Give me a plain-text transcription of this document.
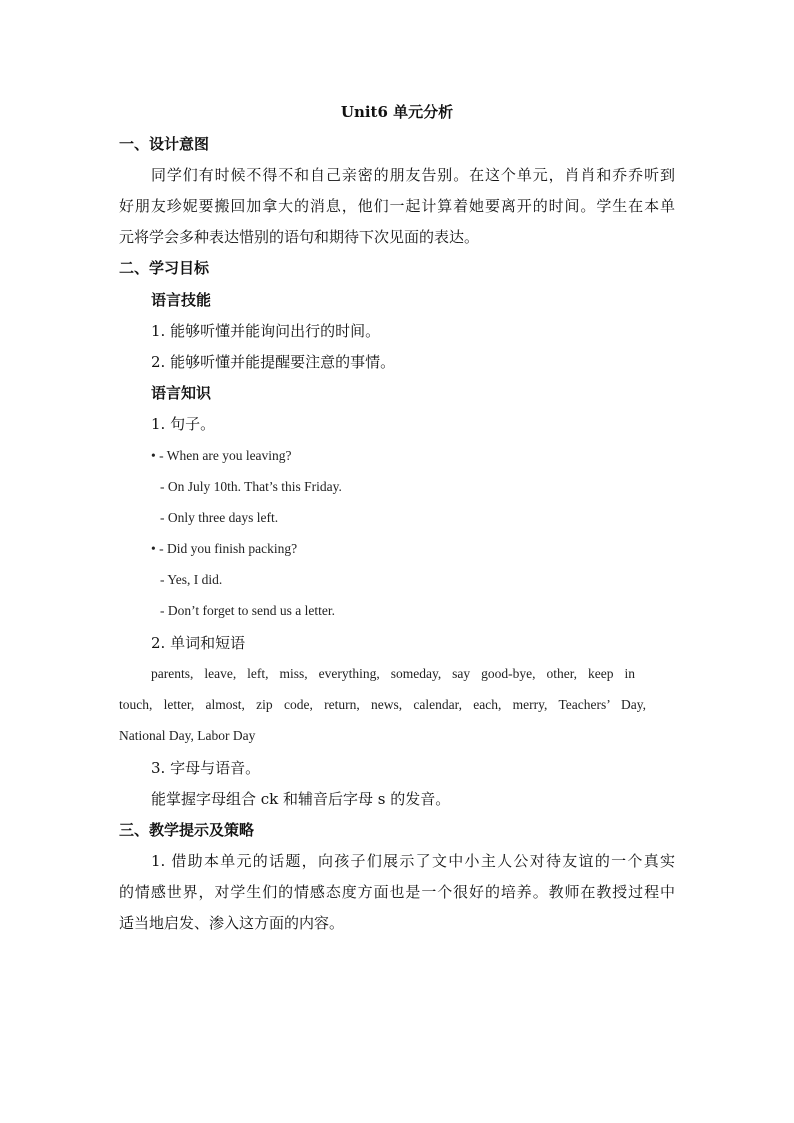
Unit6 单元分析
一、设计意图
同学们有时候不得不和自己亲密的朋友告别。在这个单元，肖肖和乔乔听到
好朋友珍妮要搬回加拿大的消息，他们一起计算着她要离开的时间。学生在本单
元将学会多种表达惜别的语句和期待下次见面的表达。
二、学习目标
语言技能
1. 能够听懂并能询问出行的时间。
2. 能够听懂并能提醒要注意的事情。
语言知识
1. 句子。
• - When are you leaving?
- On July 10th. That’s this Friday.
- Only three days left.
• - Did you finish packing?
- Yes, I did.
- Don’t forget to send us a letter.
2. 单词和短语
parents, leave, left, miss, everything, someday, say good-bye, other, keep in
touch, letter, almost, zip code, return, news, calendar, each, merry, Teachers’ Day,
National Day, Labor Day
3. 字母与语音。
能掌握字母组合 ck 和辅音后字母 s 的发音。
三、教学提示及策略
1. 借助本单元的话题，向孩子们展示了文中小主人公对待友谊的一个真实
的情感世界，对学生们的情感态度方面也是一个很好的培养。教师在教授过程中
适当地启发、渗入这方面的内容。
